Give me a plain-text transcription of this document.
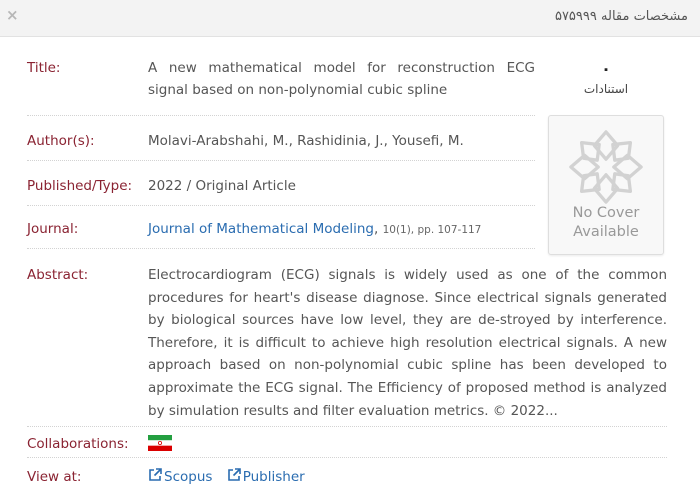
×	مشخصات مقاله ۵۷۵۹۹۹
Title:	A new mathematical model for reconstruction ECG signal based on non-polynomial cubic spline
Author(s):	Molavi-Arabshahi, M., Rashidinia, J., Yousefi, M.
Published/Type:	2022 / Original Article
Journal:	Journal of Mathematical Modeling, 10(1), pp. 107-117
Abstract:	Electrocardiogram (ECG) signals is widely used as one of the common procedures for heart's disease diagnose. Since electrical signals generated by biological sources have low level, they are de-stroyed by interference. Therefore, it is difficult to achieve high resolution electrical signals. A new approach based on non-polynomial cubic spline has been developed to approximate the ECG signal. The Efficiency of proposed method is analyzed by simulation results and filter evaluation metrics. © 2022...
Collaborations:
View at:	Scopus Publisher
۰
استنادات
No Cover
Available
